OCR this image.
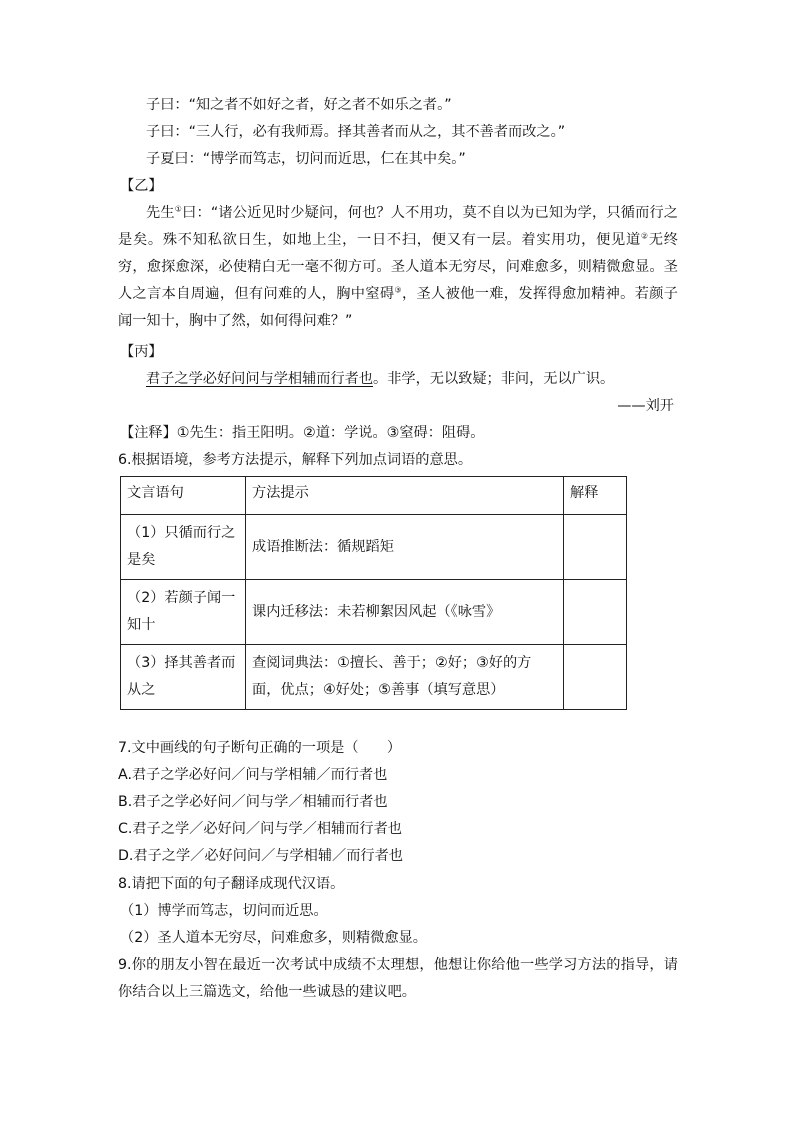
子曰：“知之者不如好之者，好之者不如乐之者。”
子曰：“三人行，必有我师焉。择其善者而从之，其不善者而改之。”
子夏曰：“博学而笃志，切问而近思，仁在其中矣。”
【乙】
先生①曰：“诸公近见时少疑问，何也？人不用功，莫不自以为已知为学，只循而行之是矣。殊不知私欲日生，如地上尘，一日不扫，便又有一层。着实用功，便见道②无终穷，愈探愈深，必使精白无一毫不彻方可。圣人道本无穷尽，问难愈多，则精微愈显。圣人之言本自周遍，但有问难的人，胸中窒碍③，圣人被他一难，发挥得愈加精神。若颜子闻一知十，胸中了然，如何得问难？”
【丙】
君子之学必好问问与学相辅而行者也。非学，无以致疑；非问，无以广识。
——刘开
【注释】①先生：指王阳明。②道：学说。③窒碍：阻碍。
6.根据语境，参考方法提示，解释下列加点词语的意思。
文言语句	方法提示	解释
（1）只循而行之是矣	成语推断法：循规蹈矩	
（2）若颜子闻一知十	课内迁移法：未若柳絮因风起（《咏雪》	
（3）择其善者而从之	查阅词典法：①擅长、善于；②好；③好的方面，优点；④好处；⑤善事（填写意思）	
7.文中画线的句子断句正确的一项是（　　）
A.君子之学必好问／问与学相辅／而行者也
B.君子之学必好问／问与学／相辅而行者也
C.君子之学／必好问／问与学／相辅而行者也
D.君子之学／必好问问／与学相辅／而行者也
8.请把下面的句子翻译成现代汉语。
（1）博学而笃志，切问而近思。
（2）圣人道本无穷尽，问难愈多，则精微愈显。
9.你的朋友小智在最近一次考试中成绩不太理想，他想让你给他一些学习方法的指导，请你结合以上三篇选文，给他一些诚恳的建议吧。
